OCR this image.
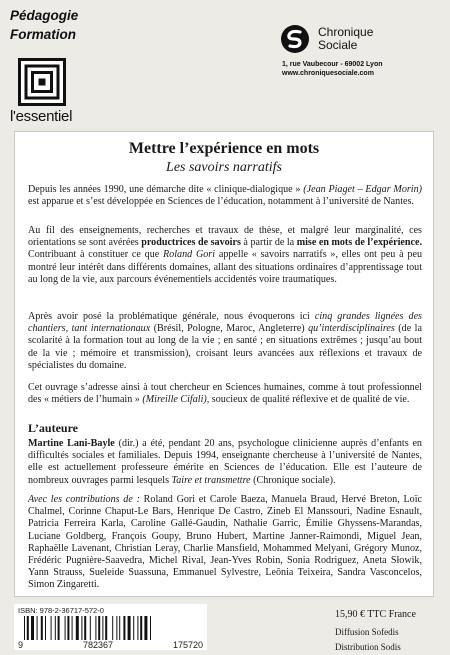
Pédagogie
Formation
l'essentiel
Chronique
Sociale
1, rue Vaubecour - 69002 Lyon
www.chroniquesociale.com
Mettre l’expérience en mots
Les savoirs narratifs

Depuis les années 1990, une démarche dite « clinique-dialogique » (Jean Piaget – Edgar Morin) est apparue et s’est développée en Sciences de l’éducation, notamment à l’université de Nantes.

Au fil des enseignements, recherches et travaux de thèse, et malgré leur marginalité, ces orientations se sont avérées productrices de savoirs à partir de la mise en mots de l’expérience. Contribuant à constituer ce que Roland Gori appelle « savoirs narratifs », elles ont peu à peu montré leur intérêt dans différents domaines, allant des situations ordinaires d’apprentissage tout au long de la vie, aux parcours événementiels accidentés voire traumatiques.

Après avoir posé la problématique générale, nous évoquerons ici cinq grandes lignées des chantiers, tant internationaux (Brésil, Pologne, Maroc, Angleterre) qu’interdisciplinaires (de la scolarité à la formation tout au long de la vie ; en santé ; en situations extrêmes ; jusqu’au bout de la vie ; mémoire et transmission), croisant leurs avancées aux réflexions et travaux de spécialistes du domaine.

Cet ouvrage s’adresse ainsi à tout chercheur en Sciences humaines, comme à tout professionnel des « métiers de l’humain » (Mireille Cifali), soucieux de qualité réflexive et de qualité de vie.

L’auteure

Martine Lani-Bayle (dir.) a été, pendant 20 ans, psychologue clinicienne auprès d’enfants en difficultés sociales et familiales. Depuis 1994, enseignante chercheuse à l’université de Nantes, elle est actuellement professeure émérite en Sciences de l’éducation. Elle est l’auteure de nombreux ouvrages parmi lesquels Taire et transmettre (Chronique sociale).

Avec les contributions de : Roland Gori et Carole Baeza, Manuela Braud, Hervé Breton, Loïc Chalmel, Corinne Chaput-Le Bars, Henrique De Castro, Zineb El Manssouri, Nadine Esnault, Patricia Ferreira Karla, Caroline Gallé-Gaudin, Nathalie Garric, Émilie Ghyssens-Marandas, Luciane Goldberg, François Goupy, Bruno Hubert, Martine Janner-Raimondi, Miguel Jean, Raphaëlle Lavenant, Christian Leray, Charlie Mansfield, Mohammed Melyani, Grégory Munoz, Frédéric Pugnière-Saavedra, Michel Rival, Jean-Yves Robin, Sonia Rodriguez, Aneta Słowik, Yann Strauss, Sueleide Suassuna, Emmanuel Sylvestre, Leônia Teixeira, Sandra Vasconcelos, Simon Zingaretti.

ISBN: 978-2-36717-572-0
9	782367	175720
15,90 € TTC France
Diffusion Sofedis
Distribution Sodis
